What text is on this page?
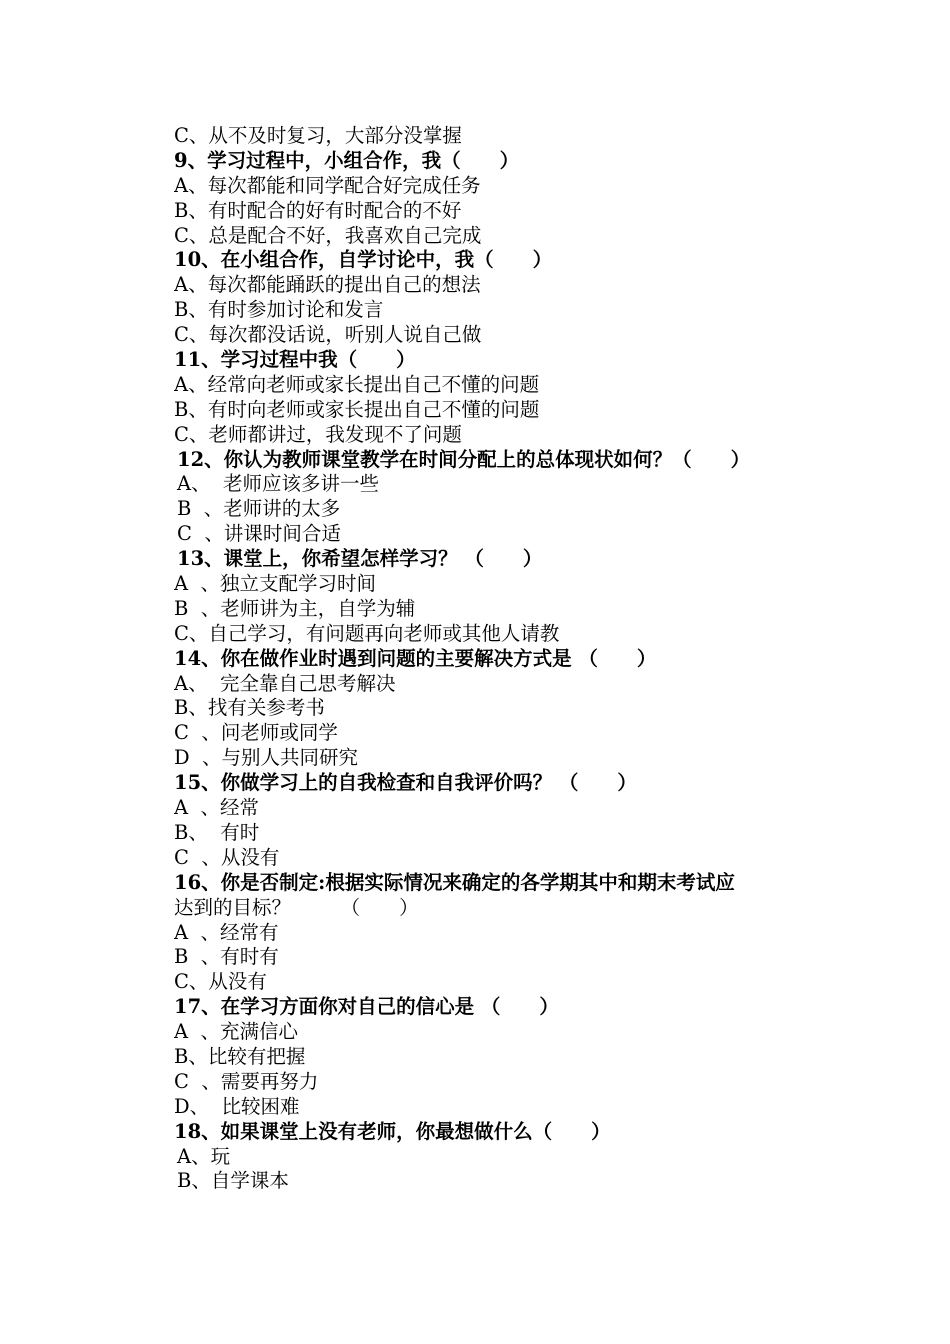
C、从不及时复习，大部分没掌握
9、学习过程中，小组合作，我（　　）
A、每次都能和同学配合好完成任务
B、有时配合的好有时配合的不好
C、总是配合不好，我喜欢自己完成
10、在小组合作，自学讨论中，我（　　）
A、每次都能踊跃的提出自己的想法
B、有时参加讨论和发言
C、每次都没话说，听别人说自己做
11、学习过程中我（　　）
A、经常向老师或家长提出自己不懂的问题
B、有时向老师或家长提出自己不懂的问题
C、老师都讲过，我发现不了问题
12、你认为教师课堂教学在时间分配上的总体现状如何？（　　）
A、  老师应该多讲一些
B  、老师讲的太多
C  、讲课时间合适
13、课堂上，你希望怎样学习？ （　　）
A  、独立支配学习时间
B  、老师讲为主，自学为辅
C、自己学习，有问题再向老师或其他人请教
14、你在做作业时遇到问题的主要解决方式是 （　　）
A、  完全靠自己思考解决
B、找有关参考书
C  、问老师或同学
D  、与别人共同研究
15、你做学习上的自我检查和自我评价吗？ （　　）
A  、经常
B、  有时
C  、从没有
16、你是否制定:根据实际情况来确定的各学期其中和期末考试应
达到的目标？        （　　）
A  、经常有
B  、有时有
C、从没有
17、在学习方面你对自己的信心是 （　　）
A  、充满信心
B、比较有把握
C  、需要再努力
D、  比较困难
18、如果课堂上没有老师，你最想做什么（　　）
A、玩
B、自学课本
